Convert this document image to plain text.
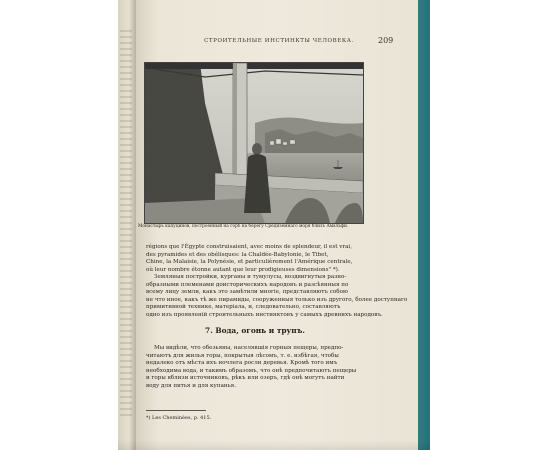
СТРОИТЕЛЬНЫЕ ИНСТИНКТЫ ЧЕЛОВЕКА.	209
Монастырь капуцинов, построенный на горѣ на берегу Средиземнаго моря близъ Амальфи.
régions que l'Égypte construisaient, avec moins de splendeur, il est vrai,
des pyramides et des obélisques: la Chaldée-Babylonie, le Tibet,
Chine, la Malaisie, la Polynésie, et particulièrement l'Amérique centrale,
où leur nombre étonne autant que leur prodigieuses dimensions" *).
Земляныя постройки, курганы и тумулусы, воздвигнутыя разно-
образными племенами доисторическихъ народовъ и разсѣянныя по
всему лицу земли, какъ это замѣтили многіе, представляютъ собою
не что иное, какъ тѣ же пирамиды, сооруженныя только изъ другого, более доступнаго
примитивной технике, матеріала, и, следовательно, составляютъ
одно изъ проявленій строительныхъ инстинктовъ у самыхъ древнихъ народовъ.
7. Вода, огонь и трупъ.
Мы видѣли, что обезьяны, населявшія горныя пещеры, предпо-
читаютъ для жилья горы, покрытыя лѣсомъ, т. е. избѣгая, чтобы
недалеко отъ мѣста ихъ ночлега росли деревья. Кромѣ того имъ
необходима вода, и такимъ образомъ, что онѣ предпочитаютъ пещеры
и горы вблизи источниковъ, рѣкъ или озеръ, гдѣ онѣ могутъ найти
воду для питья и для купанья.
*) Les Cheminées, p. 415.
